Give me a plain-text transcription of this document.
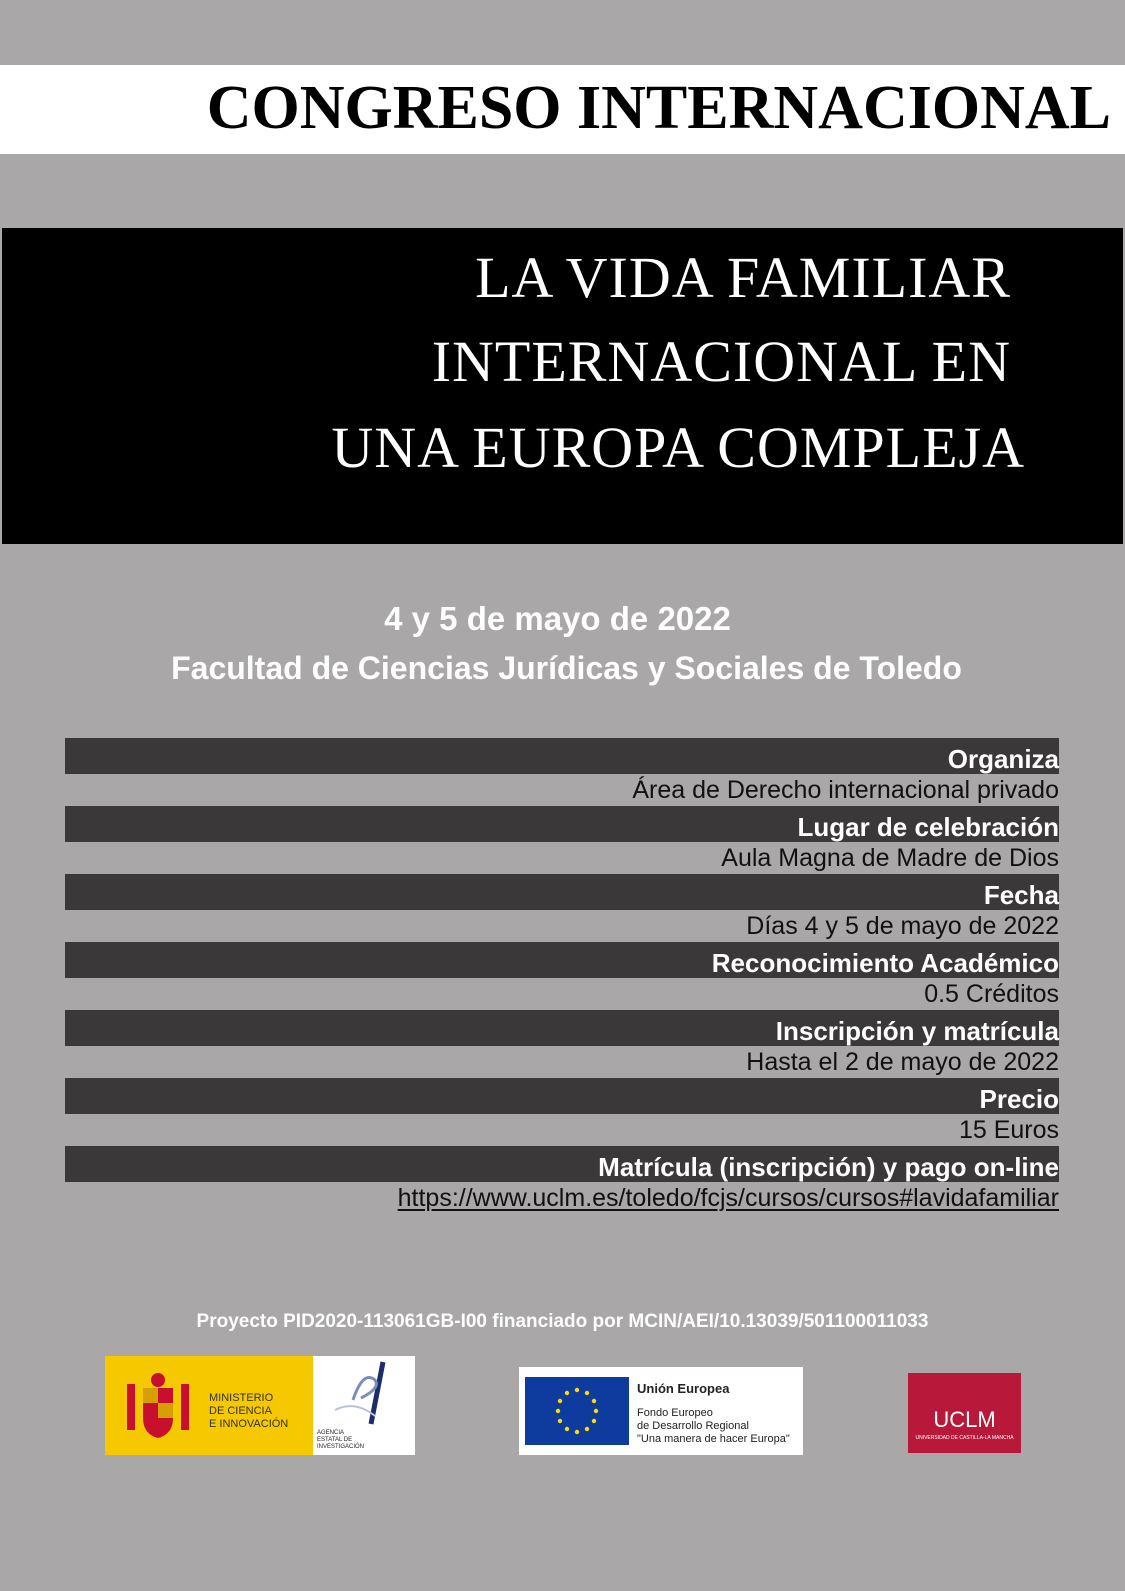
CONGRESO INTERNACIONAL
LA VIDA FAMILIAR
INTERNACIONAL EN
UNA EUROPA COMPLEJA
4 y 5 de mayo de 2022
Facultad de Ciencias Jurídicas y Sociales de Toledo
Organiza
Área de Derecho internacional privado
Lugar de celebración
Aula Magna de Madre de Dios
Fecha
Días 4 y 5 de mayo de 2022
Reconocimiento Académico
0.5 Créditos
Inscripción y matrícula
Hasta el 2 de mayo de 2022
Precio
15 Euros
Matrícula (inscripción) y pago on-line
https://www.uclm.es/toledo/fcjs/cursos/cursos#lavidafamiliar
Proyecto PID2020-113061GB-I00 financiado por MCIN/AEI/10.13039/501100011033
MINISTERIO
DE CIENCIA
E INNOVACIÓN
AGENCIA
ESTATAL DE
INVESTIGACIÓN
Unión Europea
Fondo Europeo
de Desarrollo Regional
"Una manera de hacer Europa"
UCLM
UNIVERSIDAD DE CASTILLA-LA MANCHA
